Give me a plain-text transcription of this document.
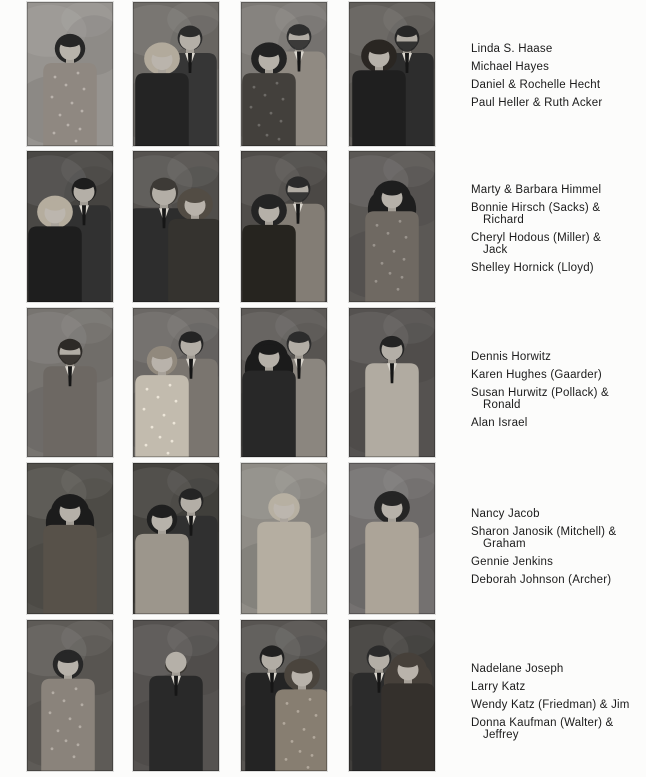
Linda S. Haase
Michael Hayes
Daniel & Rochelle Hecht
Paul Heller & Ruth Acker
Marty & Barbara Himmel
Bonnie Hirsch (Sacks) &
Richard
Cheryl Hodous (Miller) &
Jack
Shelley Hornick (Lloyd)
Dennis Horwitz
Karen Hughes (Gaarder)
Susan Hurwitz (Pollack) &
Ronald
Alan Israel
Nancy Jacob
Sharon Janosik (Mitchell) &
Graham
Gennie Jenkins
Deborah Johnson (Archer)
Nadelane Joseph
Larry Katz
Wendy Katz (Friedman) & Jim
Donna Kaufman (Walter) &
Jeffrey
